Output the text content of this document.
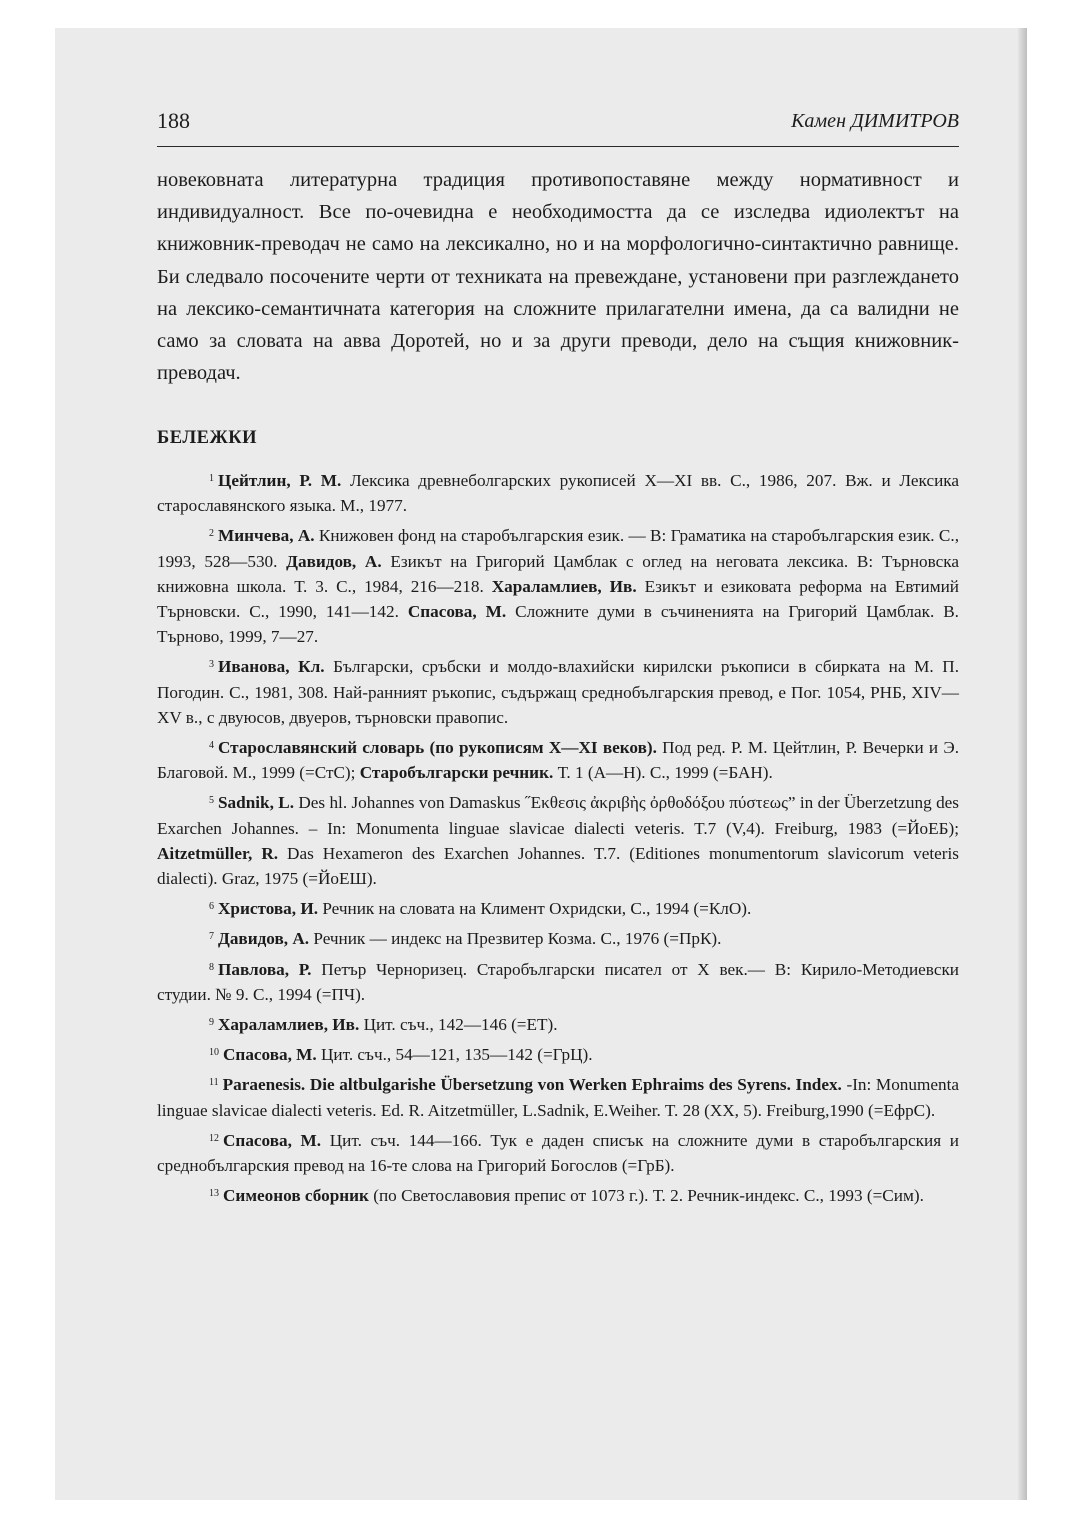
188	Камен ДИМИТРОВ

новековната литературна традиция противопоставяне между нормативност и индивидуалност. Все по-очевидна е необходимостта да се изследва идиолектът на книжовник-преводач не само на лексикално, но и на морфологично-синтактично равнище. Би следвало посочените черти от техниката на превеждане, установени при разглеждането на лексико-семантичната категория на сложните прилагателни имена, да са валидни не само за словата на авва Доротей, но и за други преводи, дело на същия книжовник-преводач.

БЕЛЕЖКИ

$^1$ Цейтлин, Р. М. Лексика древнеболгарских рукописей X—XI вв. С., 1986, 207. Вж. и Лексика старославянского языка. М., 1977.

$^2$ Минчева, А. Книжовен фонд на старобългарския език. — В: Граматика на старобългарския език. С., 1993, 528—530. Давидов, А. Езикът на Григорий Цамблак с оглед на неговата лексика. В: Търновска книжовна школа. Т. 3. С., 1984, 216—218. Хараламлиев, Ив. Езикът и езиковата реформа на Евтимий Търновски. С., 1990, 141—142. Спасова, М. Сложните думи в съчиненията на Григорий Цамблак. В. Търново, 1999, 7—27.

$^3$ Иванова, Кл. Български, сръбски и молдо-влахийски кирилски ръкописи в сбирката на М. П. Погодин. С., 1981, 308. Най-ранният ръкопис, съдържащ среднобългарския превод, е Пог. 1054, РНБ, XIV—XV в., с двуюсов, двуеров, търновски правопис.

$^4$ Старославянский словарь (по рукописям X—XI веков). Под ред. Р. М. Цейтлин, Р. Вечерки и Э. Благовой. М., 1999 (=СтС); Старобългарски речник. Т. 1 (А—Н). С., 1999 (=БАН).

$^5$ Sadnik, L. Des hl. Johannes von Damaskus ˝Εκθεσις ἀκριβὴς ὀρθοδόξου πύστεως” in der Überzetzung des Exarchen Johannes. – In: Monumenta linguae slavicae dialecti veteris. T.7 (V,4). Freiburg, 1983 (=ЙоЕБ); Aitzetmüller, R. Das Hexameron des Exarchen Johannes. T.7. (Editiones monumentorum slavicorum veteris dialecti). Graz, 1975 (=ЙоЕШ).

$^6$ Христова, И. Речник на словата на Климент Охридски, С., 1994 (=КлО).

$^7$ Давидов, А. Речник — индекс на Презвитер Козма. С., 1976 (=ПрК).

$^8$ Павлова, Р. Петър Черноризец. Старобългарски писател от X век.— В: Кирило-Методиевски студии. № 9. С., 1994 (=ПЧ).

$^9$ Хараламлиев, Ив. Цит. съч., 142—146 (=ЕТ).

$^{10}$ Спасова, М. Цит. съч., 54—121, 135—142 (=ГрЦ).

$^{11}$ Paraenesis. Die altbulgarishe Übersetzung von Werken Ephraims des Syrens. Index. -In: Monumenta linguae slavicae dialecti veteris. Ed. R. Aitzetmüller, L.Sadnik, E.Weiher. T. 28 (XX, 5). Freiburg,1990 (=ЕфрС).

$^{12}$ Спасова, М. Цит. съч. 144—166. Тук е даден списък на сложните думи в старобългарския и среднобългарския превод на 16-те слова на Григорий Богослов (=ГрБ).

$^{13}$ Симеонов сборник (по Светославовия препис от 1073 г.). Т. 2. Речник-индекс. С., 1993 (=Сим).
